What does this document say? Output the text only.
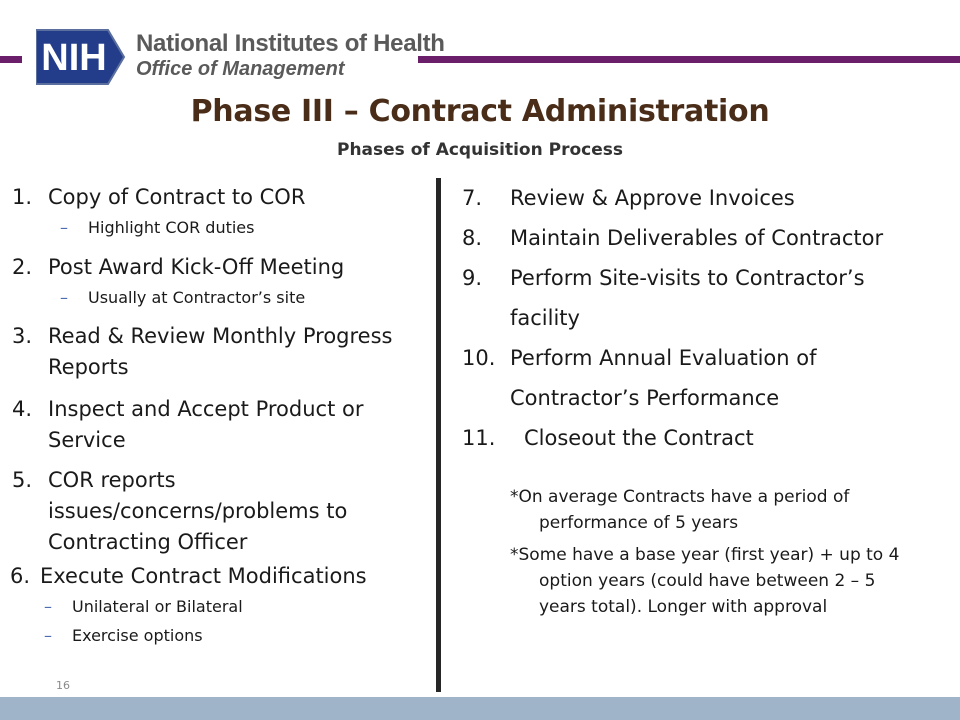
NIH National Institutes of Health
Office of Management
Phase III – Contract Administration
Phases of Acquisition Process
1. Copy of Contract to COR
–	Highlight COR duties
2. Post Award Kick-Off Meeting
–	Usually at Contractor’s site
3. Read & Review Monthly Progress
Reports
4. Inspect and Accept Product or
Service
5. COR reports
issues/concerns/problems to
Contracting Officer
6. Execute Contract Modifications
–	Unilateral or Bilateral
–	Exercise options
7. Review & Approve Invoices
8. Maintain Deliverables of Contractor
9. Perform Site-visits to Contractor’s
facility
10. Perform Annual Evaluation of
Contractor’s Performance
11. Closeout the Contract
*On average Contracts have a period of
performance of 5 years
*Some have a base year (first year) + up to 4
option years (could have between 2 – 5
years total). Longer with approval
16
